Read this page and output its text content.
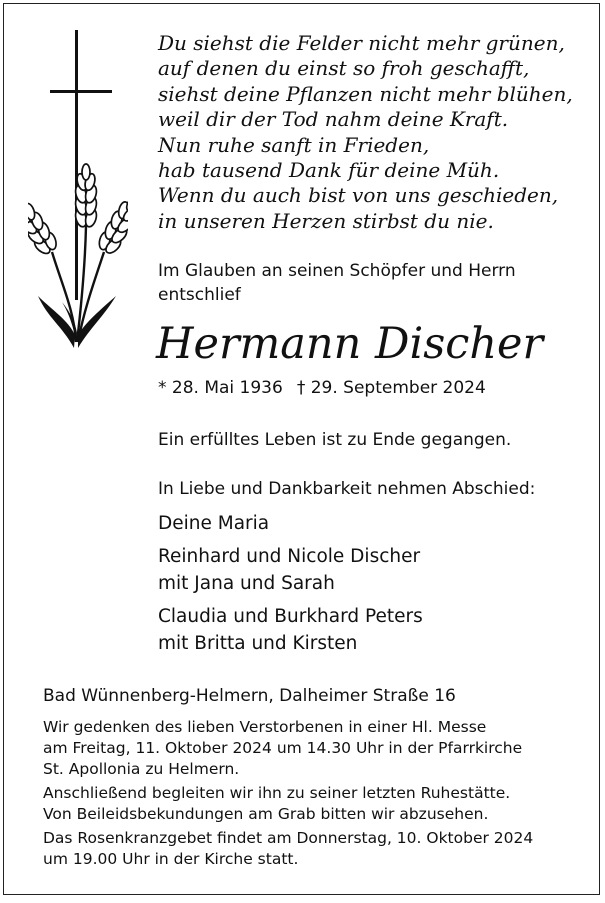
Du siehst die Felder nicht mehr grünen,
auf denen du einst so froh geschafft,
siehst deine Pflanzen nicht mehr blühen,
weil dir der Tod nahm deine Kraft.
Nun ruhe sanft in Frieden,
hab tausend Dank für deine Müh.
Wenn du auch bist von uns geschieden,
in unseren Herzen stirbst du nie.
Im Glauben an seinen Schöpfer und Herrn
entschlief
Hermann Discher
* 28. Mai 1936 † 29. September 2024
Ein erfülltes Leben ist zu Ende gegangen.
In Liebe und Dankbarkeit nehmen Abschied:
Deine Maria
Reinhard und Nicole Discher
mit Jana und Sarah
Claudia und Burkhard Peters
mit Britta und Kirsten
Bad Wünnenberg-Helmern, Dalheimer Straße 16
Wir gedenken des lieben Verstorbenen in einer Hl. Messe
am Freitag, 11. Oktober 2024 um 14.30 Uhr in der Pfarrkirche
St. Apollonia zu Helmern.
Anschließend begleiten wir ihn zu seiner letzten Ruhestätte.
Von Beileidsbekundungen am Grab bitten wir abzusehen.
Das Rosenkranzgebet findet am Donnerstag, 10. Oktober 2024
um 19.00 Uhr in der Kirche statt.
